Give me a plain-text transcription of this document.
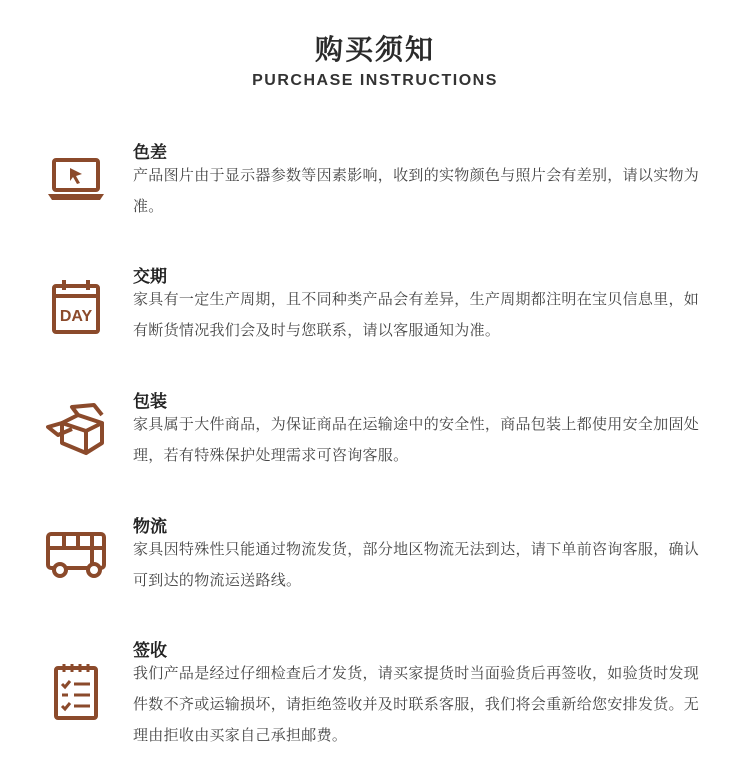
购买须知
PURCHASE INSTRUCTIONS
色差
产品图片由于显示器参数等因素影响，收到的实物颜色与照片会有差别，请以实物为准。
DAY
交期
家具有一定生产周期，且不同种类产品会有差异，生产周期都注明在宝贝信息里，如有断货情况我们会及时与您联系，请以客服通知为准。
包装
家具属于大件商品，为保证商品在运输途中的安全性，商品包装上都使用安全加固处理，若有特殊保护处理需求可咨询客服。
物流
家具因特殊性只能通过物流发货，部分地区物流无法到达，请下单前咨询客服，确认可到达的物流运送路线。
签收
我们产品是经过仔细检查后才发货，请买家提货时当面验货后再签收，如验货时发现件数不齐或运输损坏，请拒绝签收并及时联系客服，我们将会重新给您安排发货。无理由拒收由买家自己承担邮费。
